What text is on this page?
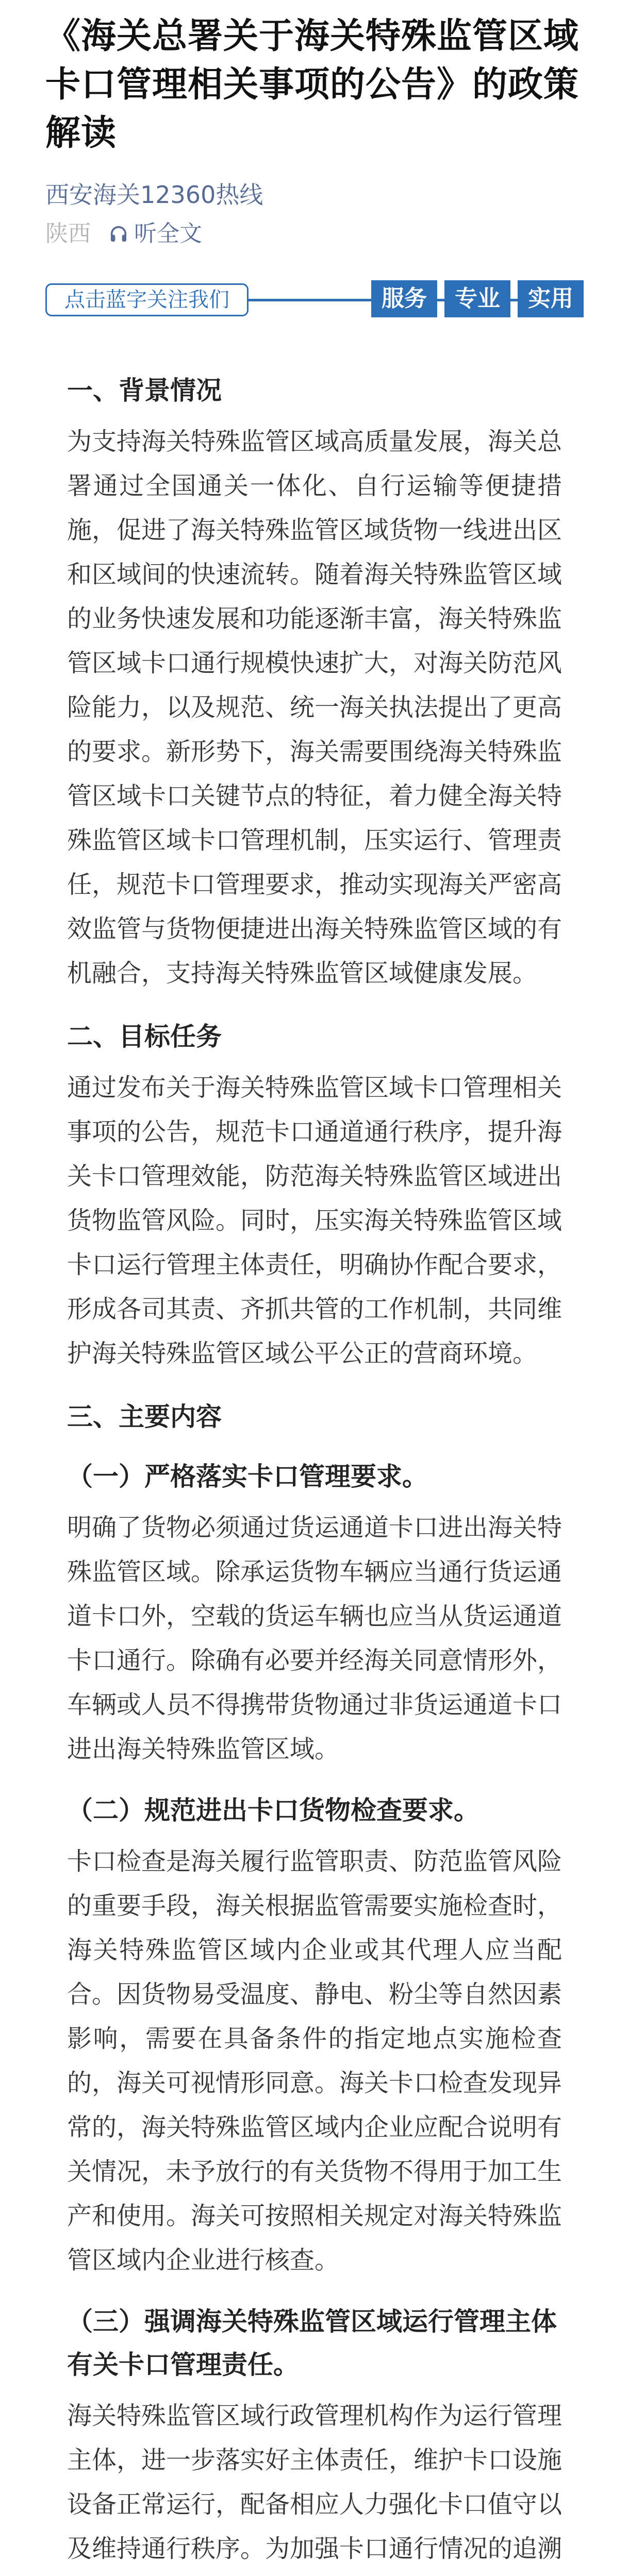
《海关总署关于海关特殊监管区域卡口管理相关事项的公告》的政策解读
西安海关12360热线
陕西 听全文
点击蓝字关注我们	服务	专业	实用
一、背景情况
为支持海关特殊监管区域高质量发展，海关总署通过全国通关一体化、自行运输等便捷措施，促进了海关特殊监管区域货物一线进出区和区域间的快速流转。随着海关特殊监管区域的业务快速发展和功能逐渐丰富，海关特殊监管区域卡口通行规模快速扩大，对海关防范风险能力，以及规范、统一海关执法提出了更高的要求。新形势下，海关需要围绕海关特殊监管区域卡口关键节点的特征，着力健全海关特殊监管区域卡口管理机制，压实运行、管理责任，规范卡口管理要求，推动实现海关严密高效监管与货物便捷进出海关特殊监管区域的有机融合，支持海关特殊监管区域健康发展。
二、目标任务
通过发布关于海关特殊监管区域卡口管理相关事项的公告，规范卡口通道通行秩序，提升海关卡口管理效能，防范海关特殊监管区域进出货物监管风险。同时，压实海关特殊监管区域卡口运行管理主体责任，明确协作配合要求，形成各司其责、齐抓共管的工作机制，共同维护海关特殊监管区域公平公正的营商环境。
三、主要内容
（一）严格落实卡口管理要求。
明确了货物必须通过货运通道卡口进出海关特殊监管区域。除承运货物车辆应当通行货运通道卡口外，空载的货运车辆也应当从货运通道卡口通行。除确有必要并经海关同意情形外，车辆或人员不得携带货物通过非货运通道卡口进出海关特殊监管区域。
（二）规范进出卡口货物检查要求。
卡口检查是海关履行监管职责、防范监管风险的重要手段，海关根据监管需要实施检查时，海关特殊监管区域内企业或其代理人应当配合。因货物易受温度、静电、粉尘等自然因素影响，需要在具备条件的指定地点实施检查的，海关可视情形同意。海关卡口检查发现异常的，海关特殊监管区域内企业应配合说明有关情况，未予放行的有关货物不得用于加工生产和使用。海关可按照相关规定对海关特殊监管区域内企业进行核查。
（三）强调海关特殊监管区域运行管理主体有关卡口管理责任。
海关特殊监管区域行政管理机构作为运行管理主体，进一步落实好主体责任，维护卡口设施设备正常运行，配备相应人力强化卡口值守以及维持通行秩序。为加强卡口通行情况的追溯
